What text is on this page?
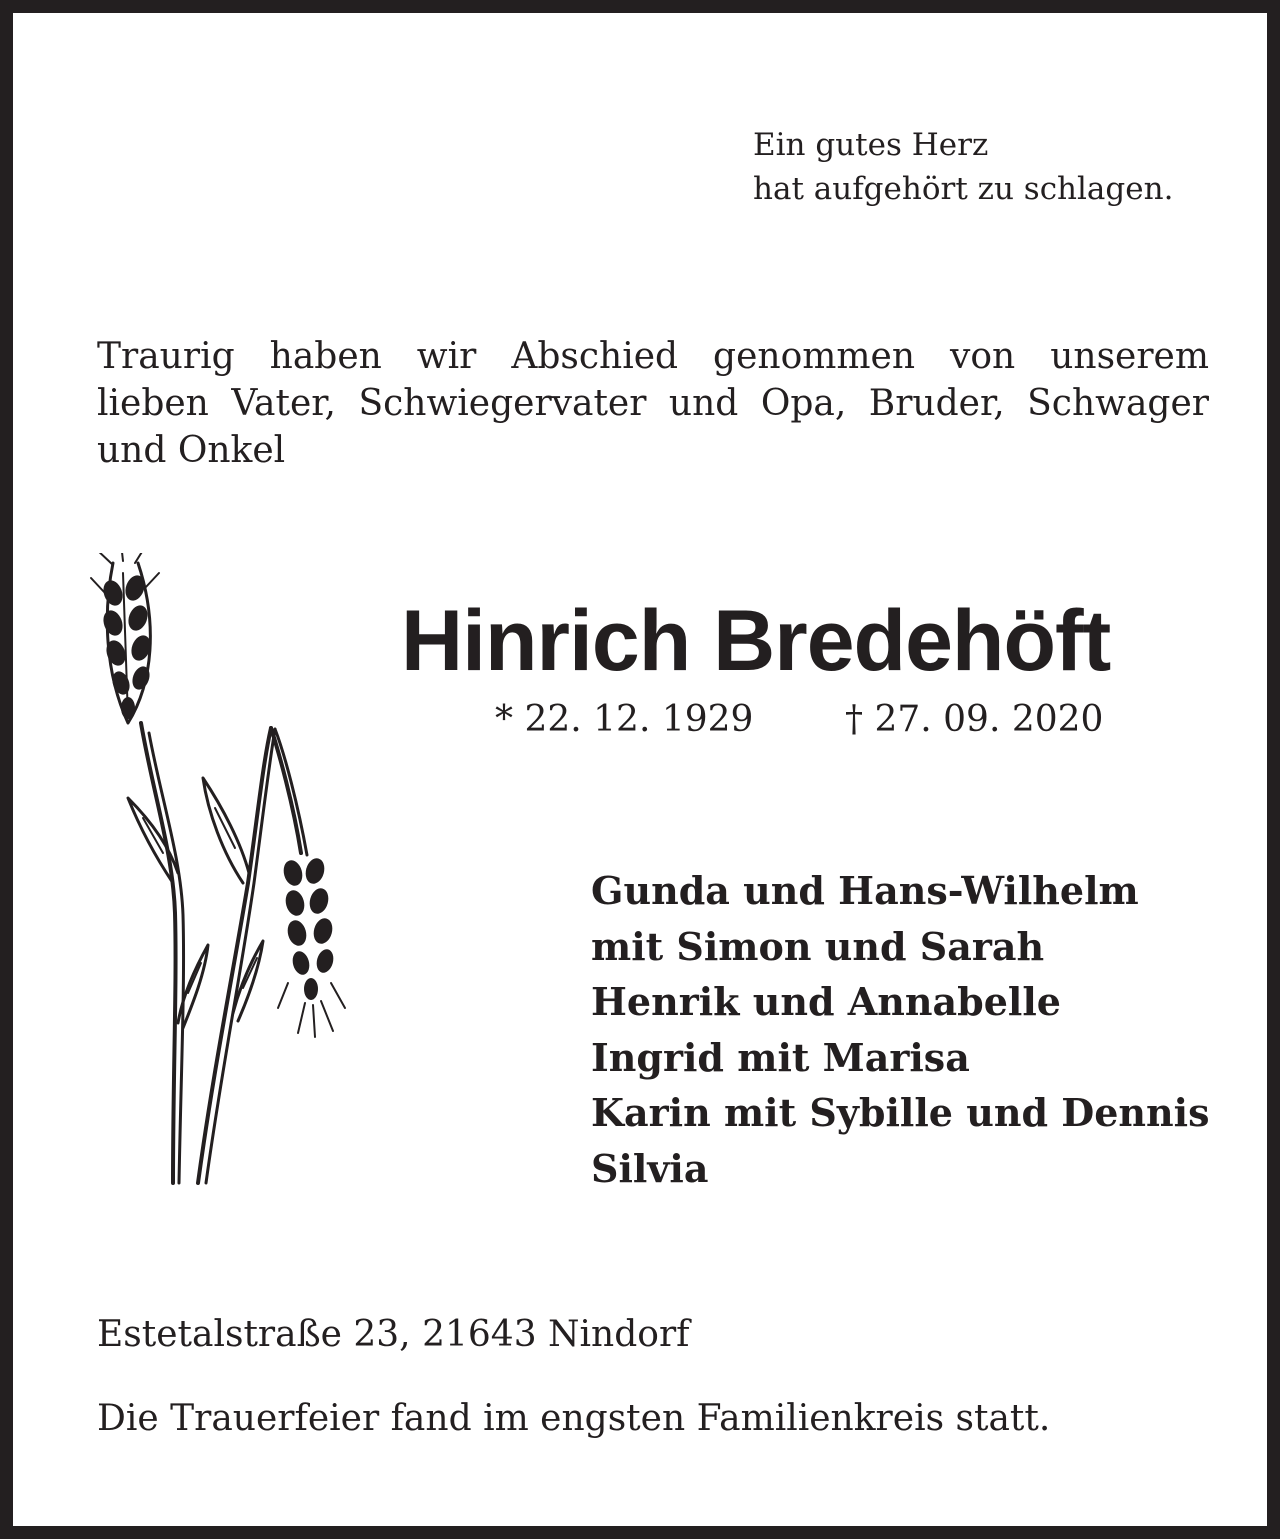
Ein gutes Herz
hat aufgehört zu schlagen.
Traurig haben wir Abschied genommen von unserem
lieben Vater, Schwiegervater und Opa, Bruder, Schwager
und Onkel
Hinrich Bredehöft
* 22. 12. 1929	† 27. 09. 2020
Gunda und Hans-Wilhelm
mit Simon und Sarah
Henrik und Annabelle
Ingrid mit Marisa
Karin mit Sybille und Dennis
Silvia
Estetalstraße 23, 21643 Nindorf
Die Trauerfeier fand im engsten Familienkreis statt.
